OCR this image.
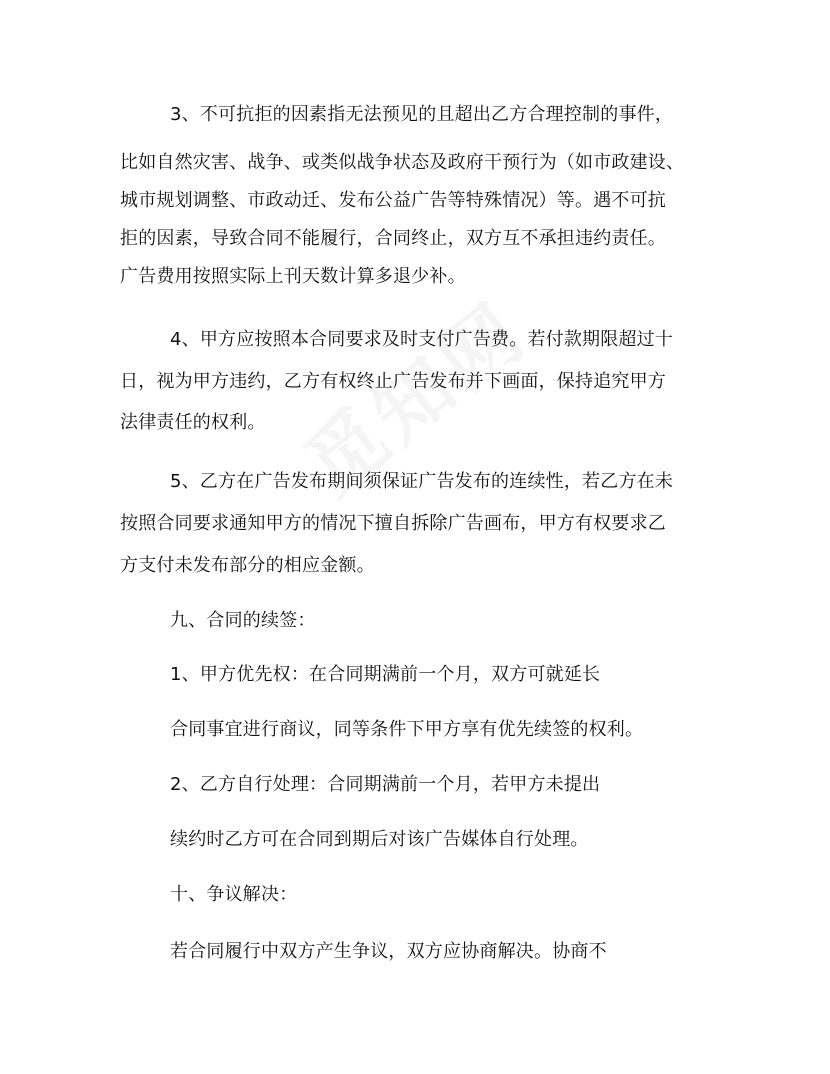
3、不可抗拒的因素指无法预见的且超出乙方合理控制的事件，
比如自然灾害、战争、或类似战争状态及政府干预行为（如市政建设、
城市规划调整、市政动迁、发布公益广告等特殊情况）等。遇不可抗
拒的因素，导致合同不能履行，合同终止，双方互不承担违约责任。
广告费用按照实际上刊天数计算多退少补。
4、甲方应按照本合同要求及时支付广告费。若付款期限超过十
日，视为甲方违约，乙方有权终止广告发布并下画面，保持追究甲方
法律责任的权利。
5、乙方在广告发布期间须保证广告发布的连续性，若乙方在未
按照合同要求通知甲方的情况下擅自拆除广告画布，甲方有权要求乙
方支付未发布部分的相应金额。
九、合同的续签：
1、甲方优先权：在合同期满前一个月，双方可就延长
合同事宜进行商议，同等条件下甲方享有优先续签的权利。
2、乙方自行处理：合同期满前一个月，若甲方未提出
续约时乙方可在合同到期后对该广告媒体自行处理。
十、争议解决：
若合同履行中双方产生争议，双方应协商解决。协商不
